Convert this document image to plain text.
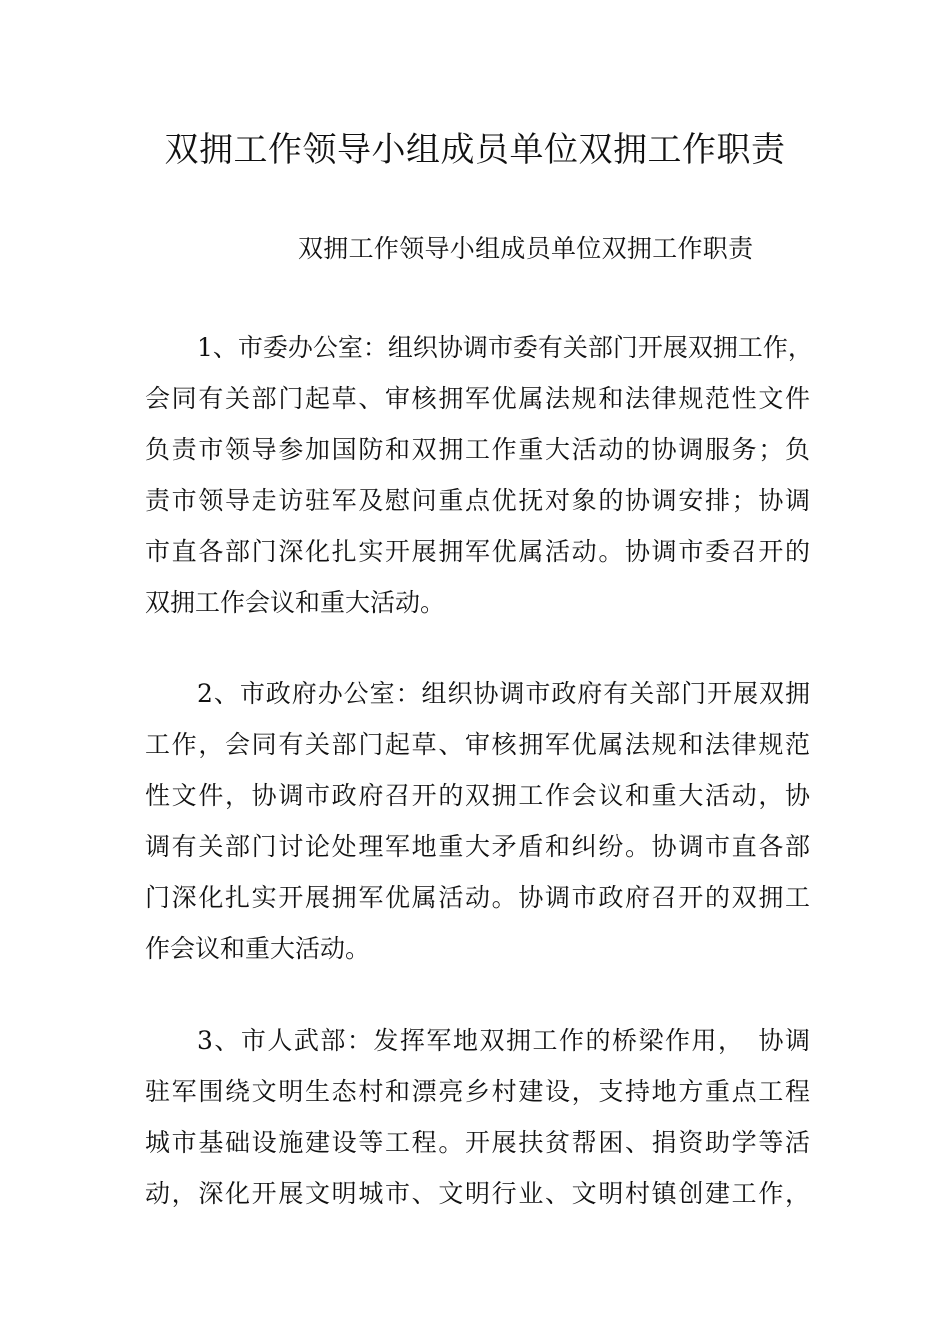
双拥工作领导小组成员单位双拥工作职责

双拥工作领导小组成员单位双拥工作职责

1、市委办公室：组织协调市委有关部门开展双拥工作，
会同有关部门起草、审核拥军优属法规和法律规范性文件
负责市领导参加国防和双拥工作重大活动的协调服务；负
责市领导走访驻军及慰问重点优抚对象的协调安排；协调
市直各部门深化扎实开展拥军优属活动。协调市委召开的
双拥工作会议和重大活动。
2、市政府办公室：组织协调市政府有关部门开展双拥
工作，会同有关部门起草、审核拥军优属法规和法律规范
性文件，协调市政府召开的双拥工作会议和重大活动，协
调有关部门讨论处理军地重大矛盾和纠纷。协调市直各部
门深化扎实开展拥军优属活动。协调市政府召开的双拥工
作会议和重大活动。
3、市人武部：发挥军地双拥工作的桥梁作用，　协调
驻军围绕文明生态村和漂亮乡村建设，支持地方重点工程
城市基础设施建设等工程。开展扶贫帮困、捐资助学等活
动，深化开展文明城市、文明行业、文明村镇创建工作，
